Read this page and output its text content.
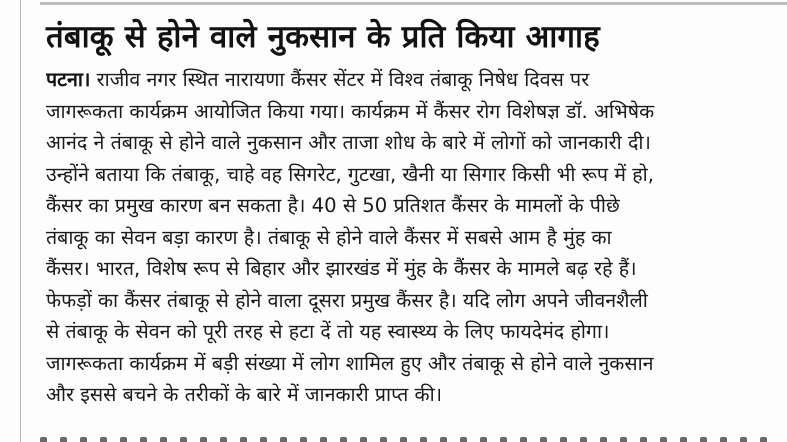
तंबाकू से होने वाले नुकसान के प्रति किया आगाह
पटना। राजीव नगर स्थित नारायणा कैंसर सेंटर में विश्व तंबाकू निषेध दिवस पर
जागरूकता कार्यक्रम आयोजित किया गया। कार्यक्रम में कैंसर रोग विशेषज्ञ डॉ. अभिषेक
आनंद ने तंबाकू से होने वाले नुकसान और ताजा शोध के बारे में लोगों को जानकारी दी।
उन्होंने बताया कि तंबाकू, चाहे वह सिगरेट, गुटखा, खैनी या सिगार किसी भी रूप में हो,
कैंसर का प्रमुख कारण बन सकता है। 40 से 50 प्रतिशत कैंसर के मामलों के पीछे
तंबाकू का सेवन बड़ा कारण है। तंबाकू से होने वाले कैंसर में सबसे आम है मुंह का
कैंसर। भारत, विशेष रूप से बिहार और झारखंड में मुंह के कैंसर के मामले बढ़ रहे हैं।
फेफड़ों का कैंसर तंबाकू से होने वाला दूसरा प्रमुख कैंसर है। यदि लोग अपने जीवनशैली
से तंबाकू के सेवन को पूरी तरह से हटा दें तो यह स्वास्थ्य के लिए फायदेमंद होगा।
जागरूकता कार्यक्रम में बड़ी संख्या में लोग शामिल हुए और तंबाकू से होने वाले नुकसान
और इससे बचने के तरीकों के बारे में जानकारी प्राप्त की।
